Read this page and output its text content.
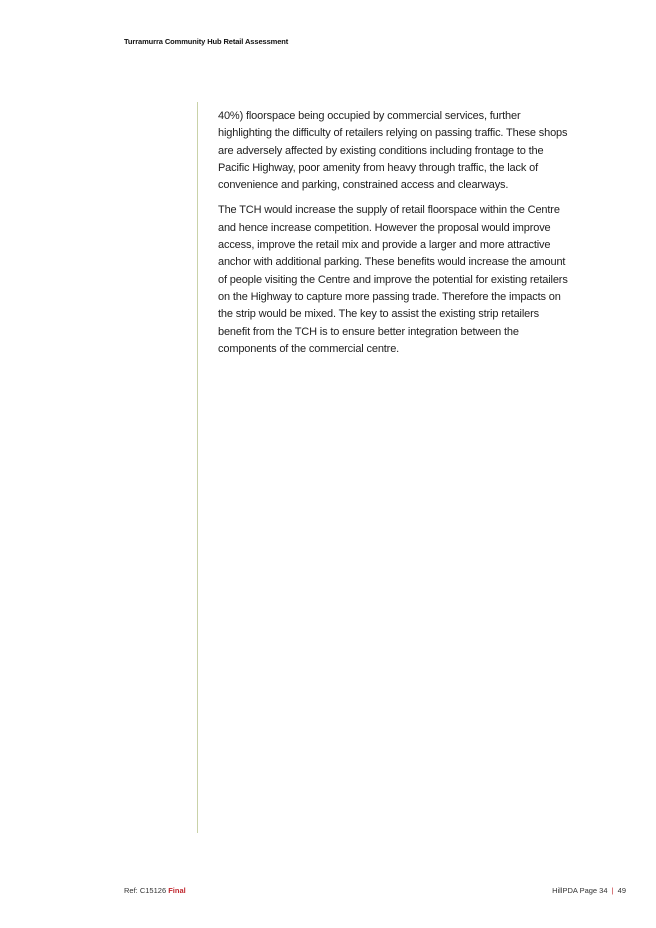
Turramurra Community Hub Retail Assessment

40%) floorspace being occupied by commercial services, further highlighting the difficulty of retailers relying on passing traffic. These shops are adversely affected by existing conditions including frontage to the Pacific Highway, poor amenity from heavy through traffic, the lack of convenience and parking, constrained access and clearways.

The TCH would increase the supply of retail floorspace within the Centre and hence increase competition. However the proposal would improve access, improve the retail mix and provide a larger and more attractive anchor with additional parking. These benefits would increase the amount of people visiting the Centre and improve the potential for existing retailers on the Highway to capture more passing trade. Therefore the impacts on the strip would be mixed. The key to assist the existing strip retailers benefit from the TCH is to ensure better integration between the components of the commercial centre.

Ref: C15126 Final	HillPDA Page 34 | 49
